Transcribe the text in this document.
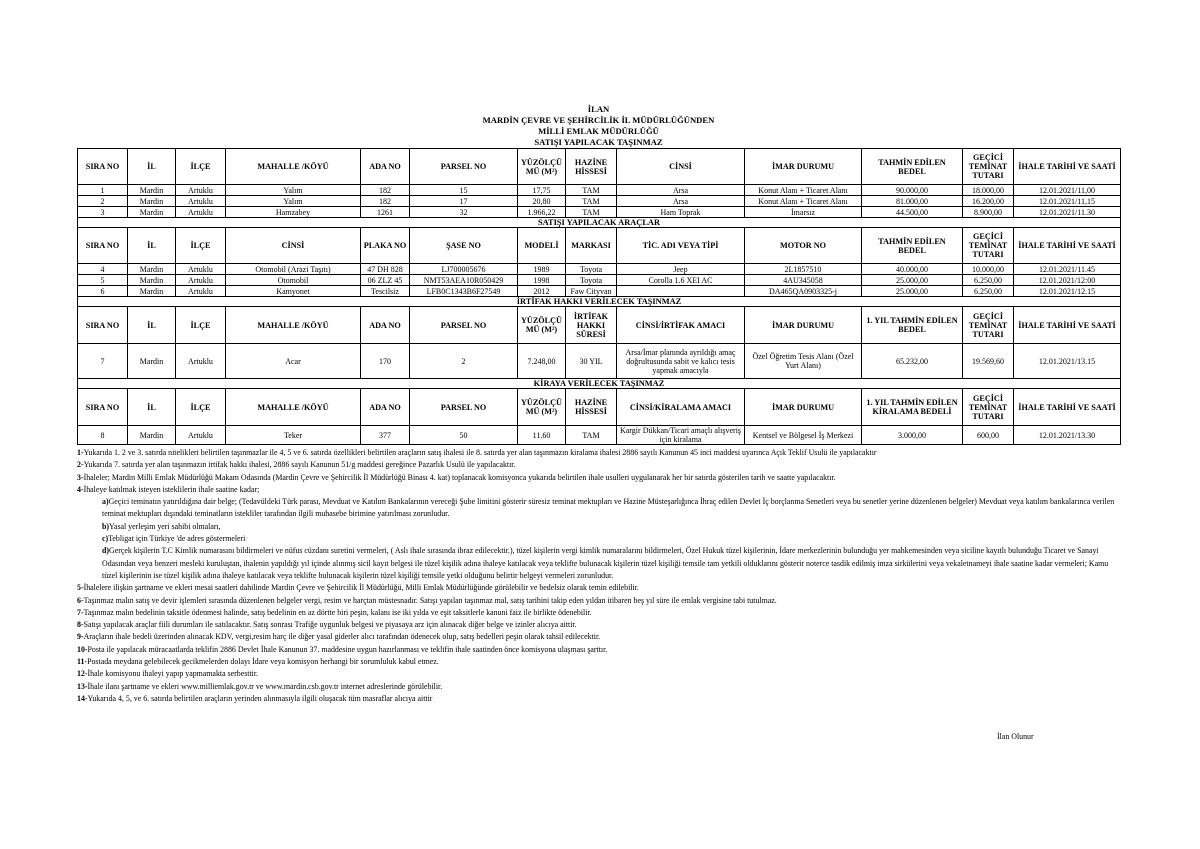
İLAN
MARDİN ÇEVRE VE ŞEHİRCİLİK İL MÜDÜRLÜĞÜNDEN
MİLLİ EMLAK MÜDÜRLÜĞÜ
SATIŞI YAPILACAK TAŞINMAZ
SIRA NO	İL	İLÇE	MAHALLE /KÖYÜ	ADA NO	PARSEL NO	YÜZÖLÇÜ MÜ (M²)	HAZİNE HİSSESİ	CİNSİ	İMAR DURUMU	TAHMİN EDİLEN BEDEL	GEÇİCİ TEMİNAT TUTARI	İHALE TARİHİ VE SAATİ
1	Mardin	Artuklu	Yalım	182	15	17,75	TAM	Arsa	Konut Alanı + Ticaret Alanı	90.000,00	18.000,00	12.01.2021/11,00
2	Mardin	Artuklu	Yalım	182	17	20,80	TAM	Arsa	Konut Alanı + Ticaret Alanı	81.000,00	16.200,00	12.01.2021/11,15
3	Mardin	Artuklu	Hamzabey	1261	32	1.966,22	TAM	Ham Toprak	İmarsız	44.500,00	8.900,00	12.01.2021/11.30
SATIŞI YAPILACAK ARAÇLAR												
SIRA NO	İL	İLÇE	CİNSİ	PLAKA NO	ŞASE NO	MODELİ	MARKASI	TİC. ADI VEYA TİPİ	MOTOR NO	TAHMİN EDİLEN BEDEL	GEÇİCİ TEMİNAT TUTARI	İHALE TARİHİ VE SAATİ
4	Mardin	Artuklu	Otomobil (Arazi Taşıtı)	47 DH 828	LJ700005676	1989	Toyota	Jeep	2L1857510	40.000,00	10.000,00	12.01.2021/11.45
5	Mardin	Artuklu	Otomobil	06 ZLZ 45	NMT53AEA10R050429	1998	Toyota	Corolla 1.6 XEI AC	4AU345058	25.000,00	6.250,00	12.01.2021/12:00
6	Mardin	Artuklu	Kamyonet	Tescilsiz	LFB0C1343B6F27549	2012	Faw Cityvan		DA465QA0903325-j	25.000,00	6.250,00	12.01.2021/12.15
İRTİFAK HAKKI VERİLECEK TAŞINMAZ												
SIRA NO	İL	İLÇE	MAHALLE /KÖYÜ	ADA NO	PARSEL NO	YÜZÖLÇÜ MÜ (M²)	İRTİFAK HAKKI SÜRESİ	CİNSİ/İRTİFAK AMACI	İMAR DURUMU	1. YIL TAHMİN EDİLEN BEDEL	GEÇİCİ TEMİNAT TUTARI	İHALE TARİHİ VE SAATİ
7	Mardin	Artuklu	Acar	170	2	7.248,00	30 YIL	Arsa/İmar planında ayrıldığı amaç doğrultusunda sabit ve kalıcı tesis yapmak amacıyla	Özel Öğretim Tesis Alanı (Özel Yurt Alanı)	65.232,00	19.569,60	12.01.2021/13.15
KİRAYA VERİLECEK TAŞINMAZ												
SIRA NO	İL	İLÇE	MAHALLE /KÖYÜ	ADA NO	PARSEL NO	YÜZÖLÇÜ MÜ (M²)	HAZİNE HİSSESİ	CİNSİ/KİRALAMA AMACI	İMAR DURUMU	1. YIL TAHMİN EDİLEN KİRALAMA BEDELİ	GEÇİCİ TEMİNAT TUTARI	İHALE TARİHİ VE SAATİ
8	Mardin	Artuklu	Teker	377	50	11.60	TAM	Kargir Dükkan/Ticari amaçlı alışveriş için kiralama	Kentsel ve Bölgesel İş Merkezi	3.000,00	600,00	12.01.2021/13.30

1-Yukarıda 1. 2 ve 3. satırda nitelikleri belirtilen taşınmazlar ile 4, 5 ve 6. satırda özellikleri belirtilen araçların satış ihalesi ile 8. satırda yer alan taşınmazın kiralama ihalesi 2886 sayılı Kanunun 45 inci maddesi uyarınca Açık Teklif Usulü ile yapılacaktır

2-Yukarıda 7. satırda yer alan taşınmazın irtifak hakkı ihalesi, 2886 sayılı Kanunun 51/g maddesi gereğince Pazarlık Usulü ile yapılacaktır.

3-İhaleler; Mardin Milli Emlak Müdürlüğü Makam Odasında (Mardin Çevre ve Şehircilik İl Müdürlüğü Binası 4. kat) toplanacak komisyonca yukarıda belirtilen ihale usulleri uygulanarak her bir satırda gösterilen tarih ve saatte yapılacaktır.

4-İhaleye katılmak isteyen isteklilerin ihale saatine kadar;

a)Geçici teminatın yatırıldığına dair belge; (Tedavüldeki Türk parası, Mevduat ve Katılım Bankalarının vereceği Şube limitini gösterir süresiz teminat mektupları ve Hazine Müsteşarlığınca İhraç edilen Devlet İç borçlanma Senetleri veya bu senetler yerine düzenlenen belgeler) Mevduat veya katılım bankalarınca verilen teminat mektupları dışındaki teminatların istekliler tarafından ilgili muhasebe birimine yatırılması zorunludur.

b)Yasal yerleşim yeri sahibi olmaları,

c)Tebligat için Türkiye 'de adres göstermeleri

d)Gerçek kişilerin T.C Kimlik numarasını bildirmeleri ve nüfus cüzdanı suretini vermeleri, ( Aslı ihale sırasında ibraz edilecektir.), tüzel kişilerin vergi kimlik numaralarını bildirmeleri, Özel Hukuk tüzel kişilerinin, İdare merkezlerinin bulunduğu yer mahkemesinden veya siciline kayıtlı bulunduğu Ticaret ve Sanayi Odasından veya benzeri mesleki kuruluştan, ihalenin yapıldığı yıl içinde alınmış sicil kayıt belgesi ile tüzel kişilik adına ihaleye katılacak veya teklifte bulunacak kişilerin tüzel kişiliği temsile tam yetkili olduklarını gösterir noterce tasdik edilmiş imza sirkülerini veya vekaletnameyi ihale saatine kadar vermeleri; Kamu tüzel kişilerinin ise tüzel kişilik adına ihaleye katılacak veya teklifte bulunacak kişilerin tüzel kişiliği temsile yetki olduğunu belirtir belgeyi vermeleri zorunludur.

5-İhalelere ilişkin şartname ve ekleri mesai saatleri dahilinde Mardin Çevre ve Şehircilik İl Müdürlüğü, Milli Emlak Müdürlüğünde görülebilir ve bedelsiz olarak temin edilebilir.

6-Taşınmaz malın satış ve devir işlemleri sırasında düzenlenen belgeler vergi, resim ve harçtan müstesnadır. Satışı yapılan taşınmaz mal, satış tarihini takip eden yıldan itibaren beş yıl süre ile emlak vergisine tabi tutulmaz.

7-Taşınmaz malın bedelinin taksitle ödenmesi halinde, satış bedelinin en az dörtte biri peşin, kalanı ise iki yılda ve eşit taksitlerle kanuni faiz ile birlikte ödenebilir.

8-Satışı yapılacak araçlar fiili durumları ile satılacaktır. Satış sonrası Trafiğe uygunluk belgesi ve piyasaya arz için alınacak diğer belge ve izinler alıcıya aittir.

9-Araçların ihale bedeli üzerinden alınacak KDV, vergi,resim harç ile diğer yasal giderler alıcı tarafından ödenecek olup, satış bedelleri peşin olarak tahsil edilecektir.

10-Posta ile yapılacak müracaatlarda teklifin 2886 Devlet İhale Kanunun 37. maddesine uygun hazırlanması ve teklifin ihale saatinden önce komisyona ulaşması şarttır.

11-Postada meydana gelebilecek gecikmelerden dolayı İdare veya komisyon herhangi bir sorumluluk kabul etmez.

12-İhale komisyonu ihaleyi yapıp yapmamakta serbesttir.

13-İhale ilanı şartname ve ekleri www.milliemlak.gov.tr ve www.mardin.csb.gov.tr internet adreslerinde görülebilir.

14-Yukarıda 4, 5, ve 6. satırda belirtilen araçların yerinden alınmasıyla ilgili oluşacak tüm masraflar alıcıya aittir

İlan Olunur
